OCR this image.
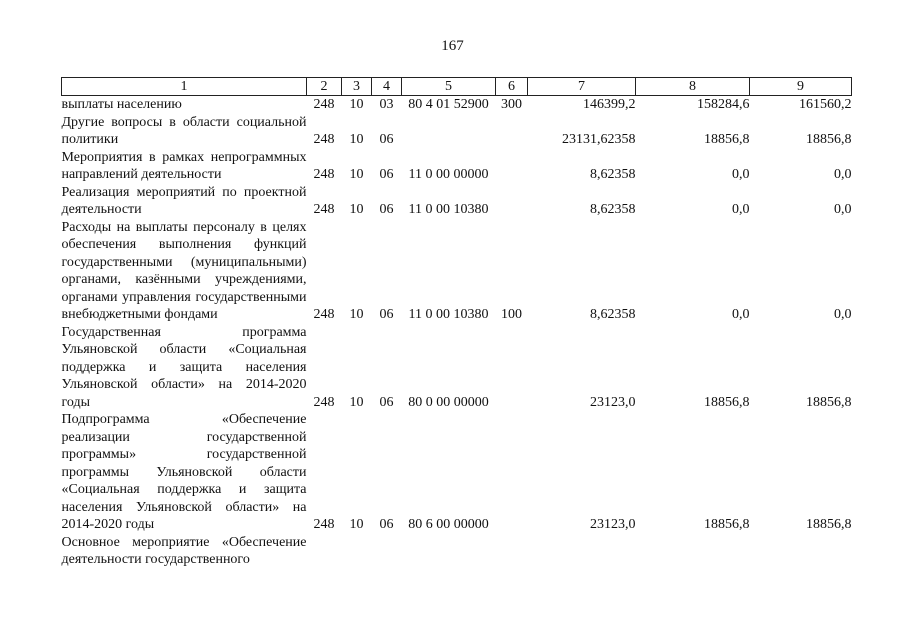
167
1	2	3	4	5	6	7	8	9
выплаты населению	248	10	03	80 4 01 52900	300	146399,2	158284,6	161560,2
Другие вопросы в области социальной политики	248	10	06			23131,62358	18856,8	18856,8
Мероприятия в рамках непрограммных направлений деятельности	248	10	06	11 0 00 00000		8,62358	0,0	0,0
Реализация мероприятий по проектной деятельности	248	10	06	11 0 00 10380		8,62358	0,0	0,0
Расходы на выплаты персоналу в целях обеспечения выполнения функций государственными (муниципальными) органами, казёнными учреждениями, органами управления государственными внебюджетными фондами	248	10	06	11 0 00 10380	100	8,62358	0,0	0,0
Государственная программа Ульяновской области «Социальная поддержка и защита населения Ульяновской области» на 2014-2020 годы	248	10	06	80 0 00 00000		23123,0	18856,8	18856,8
Подпрограмма «Обеспечение реализации государственной программы» государственной программы Ульяновской области «Социальная поддержка и защита населения Ульяновской области» на 2014-2020 годы	248	10	06	80 6 00 00000		23123,0	18856,8	18856,8
Основное мероприятие «Обеспечение деятельности государственного								
